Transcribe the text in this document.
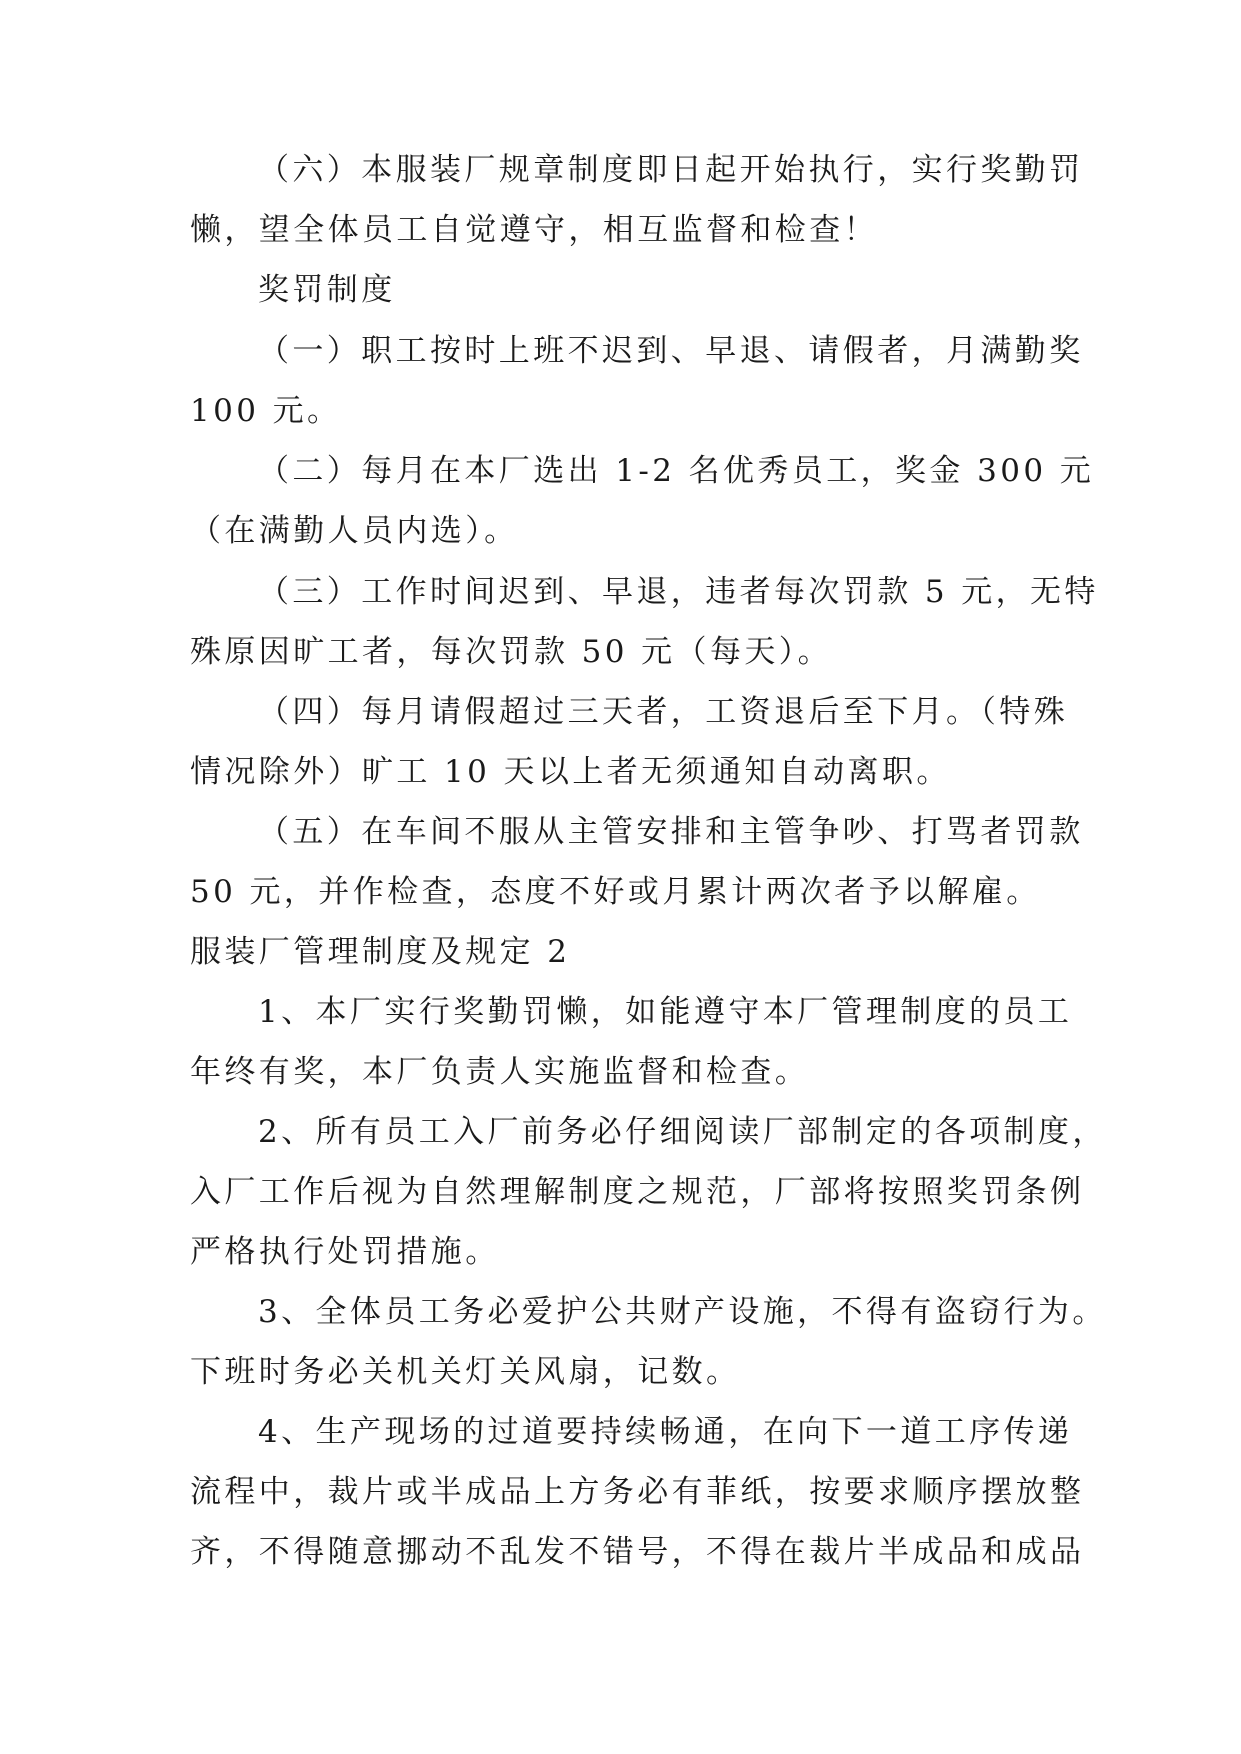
（六）本服装厂规章制度即日起开始执行，实行奖勤罚
懒，望全体员工自觉遵守，相互监督和检查！
奖罚制度
（一）职工按时上班不迟到、早退、请假者，月满勤奖
100 元。
（二）每月在本厂选出 1-2 名优秀员工，奖金 300 元
（在满勤人员内选）。
（三）工作时间迟到、早退，违者每次罚款 5 元，无特
殊原因旷工者，每次罚款 50 元（每天）。
（四）每月请假超过三天者，工资退后至下月。（特殊
情况除外）旷工 10 天以上者无须通知自动离职。
（五）在车间不服从主管安排和主管争吵、打骂者罚款
50 元，并作检查，态度不好或月累计两次者予以解雇。
服装厂管理制度及规定 2
1、本厂实行奖勤罚懒，如能遵守本厂管理制度的员工
年终有奖，本厂负责人实施监督和检查。
2、所有员工入厂前务必仔细阅读厂部制定的各项制度，
入厂工作后视为自然理解制度之规范，厂部将按照奖罚条例
严格执行处罚措施。
3、全体员工务必爱护公共财产设施，不得有盗窃行为。
下班时务必关机关灯关风扇，记数。
4、生产现场的过道要持续畅通，在向下一道工序传递
流程中，裁片或半成品上方务必有菲纸，按要求顺序摆放整
齐，不得随意挪动不乱发不错号，不得在裁片半成品和成品
